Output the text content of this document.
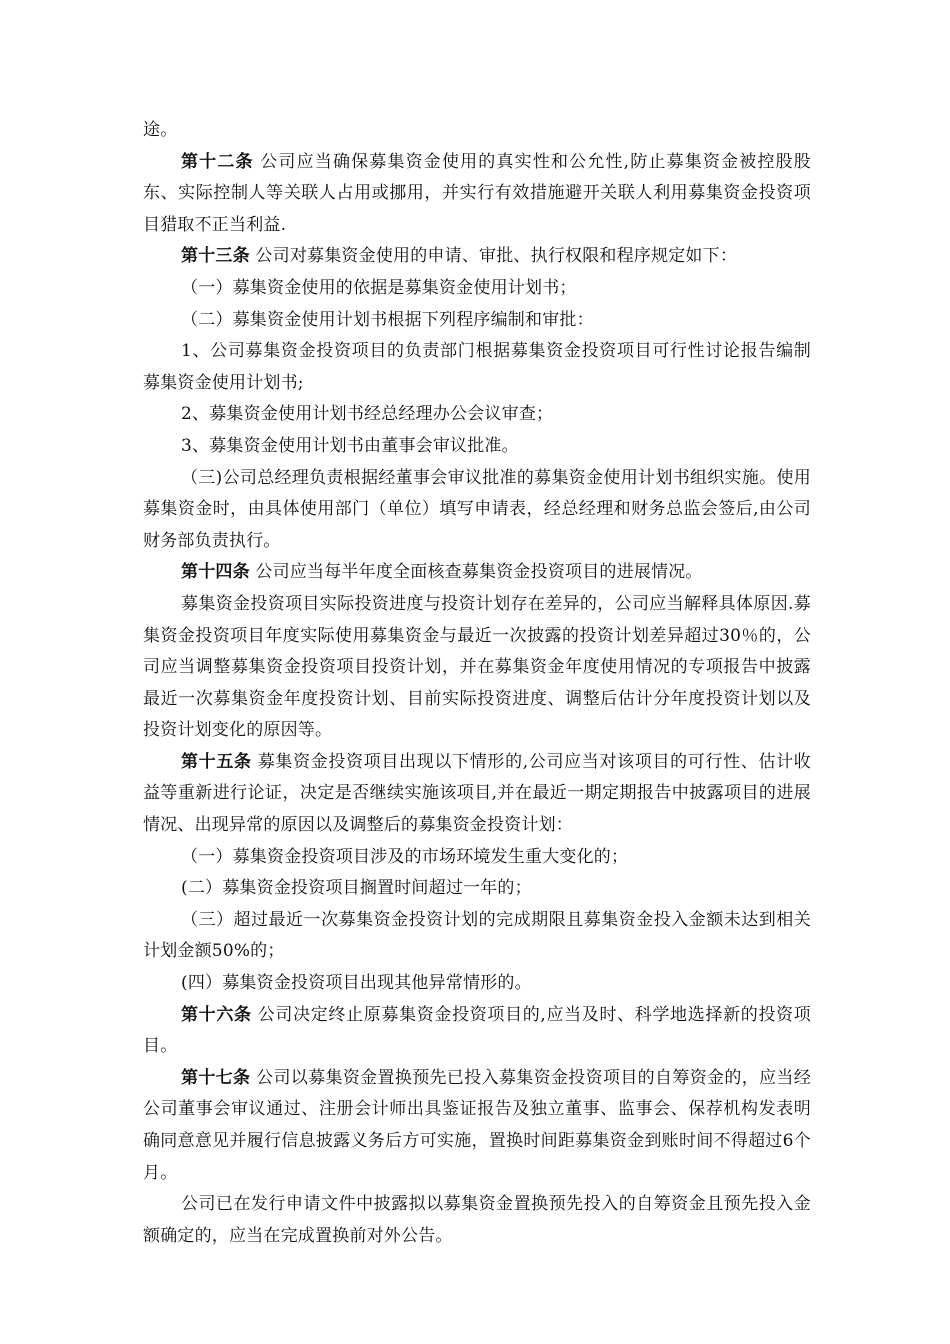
途。

第十二条 公司应当确保募集资金使用的真实性和公允性,防止募集资金被控股股东、实际控制人等关联人占用或挪用，并实行有效措施避开关联人利用募集资金投资项目猎取不正当利益.

第十三条 公司对募集资金使用的申请、审批、执行权限和程序规定如下：

（一）募集资金使用的依据是募集资金使用计划书；

（二）募集资金使用计划书根据下列程序编制和审批：

1、公司募集资金投资项目的负责部门根据募集资金投资项目可行性讨论报告编制募集资金使用计划书;

2、募集资金使用计划书经总经理办公会议审查；

3、募集资金使用计划书由董事会审议批准。

（三)公司总经理负责根据经董事会审议批准的募集资金使用计划书组织实施。使用募集资金时，由具体使用部门（单位）填写申请表，经总经理和财务总监会签后,由公司财务部负责执行。

第十四条 公司应当每半年度全面核查募集资金投资项目的进展情况。

募集资金投资项目实际投资进度与投资计划存在差异的，公司应当解释具体原因.募集资金投资项目年度实际使用募集资金与最近一次披露的投资计划差异超过30％的，公司应当调整募集资金投资项目投资计划，并在募集资金年度使用情况的专项报告中披露最近一次募集资金年度投资计划、目前实际投资进度、调整后估计分年度投资计划以及投资计划变化的原因等。

第十五条 募集资金投资项目出现以下情形的,公司应当对该项目的可行性、估计收益等重新进行论证，决定是否继续实施该项目,并在最近一期定期报告中披露项目的进展情况、出现异常的原因以及调整后的募集资金投资计划：

（一）募集资金投资项目涉及的市场环境发生重大变化的；

(二）募集资金投资项目搁置时间超过一年的；

（三）超过最近一次募集资金投资计划的完成期限且募集资金投入金额未达到相关计划金额50%的；

(四）募集资金投资项目出现其他异常情形的。

第十六条 公司决定终止原募集资金投资项目的,应当及时、科学地选择新的投资项目。

第十七条 公司以募集资金置换预先已投入募集资金投资项目的自筹资金的，应当经公司董事会审议通过、注册会计师出具鉴证报告及独立董事、监事会、保荐机构发表明确同意意见并履行信息披露义务后方可实施，置换时间距募集资金到账时间不得超过6个月。

公司已在发行申请文件中披露拟以募集资金置换预先投入的自筹资金且预先投入金额确定的，应当在完成置换前对外公告。
